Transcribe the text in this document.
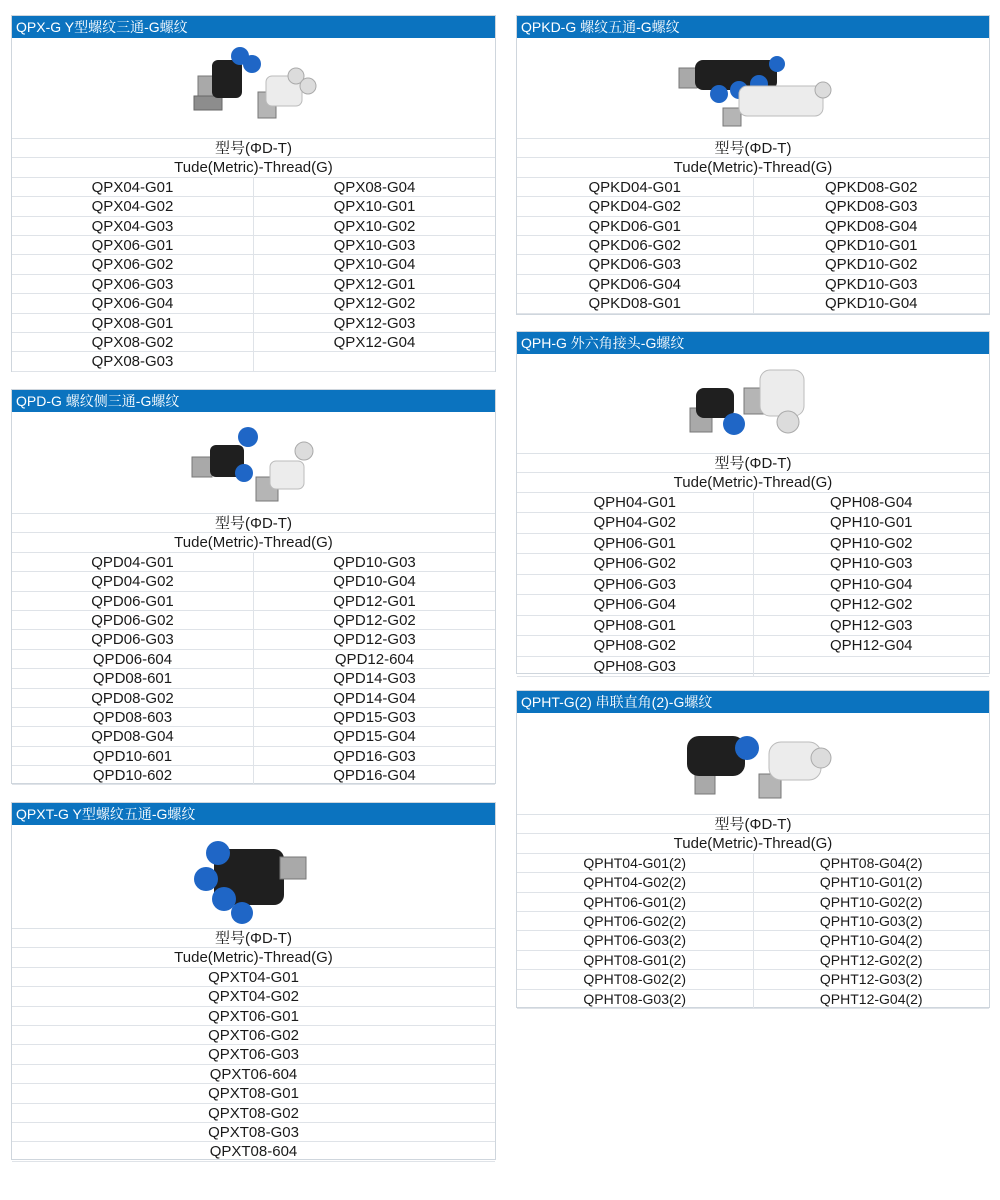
QPX-G Y型螺纹三通-G螺纹
型号(ΦD-T)
Tude(Metric)-Thread(G)
QPX04-G01	QPX08-G04
QPX04-G02	QPX10-G01
QPX04-G03	QPX10-G02
QPX06-G01	QPX10-G03
QPX06-G02	QPX10-G04
QPX06-G03	QPX12-G01
QPX06-G04	QPX12-G02
QPX08-G01	QPX12-G03
QPX08-G02	QPX12-G04
QPX08-G03
QPD-G 螺纹侧三通-G螺纹
型号(ΦD-T)
Tude(Metric)-Thread(G)
QPD04-G01	QPD10-G03
QPD04-G02	QPD10-G04
QPD06-G01	QPD12-G01
QPD06-G02	QPD12-G02
QPD06-G03	QPD12-G03
QPD06-604	QPD12-604
QPD08-601	QPD14-G03
QPD08-G02	QPD14-G04
QPD08-603	QPD15-G03
QPD08-G04	QPD15-G04
QPD10-601	QPD16-G03
QPD10-602	QPD16-G04
QPXT-G Y型螺纹五通-G螺纹
型号(ΦD-T)
Tude(Metric)-Thread(G)
QPXT04-G01
QPXT04-G02
QPXT06-G01
QPXT06-G02
QPXT06-G03
QPXT06-604
QPXT08-G01
QPXT08-G02
QPXT08-G03
QPXT08-604
QPKD-G 螺纹五通-G螺纹
型号(ΦD-T)
Tude(Metric)-Thread(G)
QPKD04-G01	QPKD08-G02
QPKD04-G02	QPKD08-G03
QPKD06-G01	QPKD08-G04
QPKD06-G02	QPKD10-G01
QPKD06-G03	QPKD10-G02
QPKD06-G04	QPKD10-G03
QPKD08-G01	QPKD10-G04
QPH-G 外六角接头-G螺纹
型号(ΦD-T)
Tude(Metric)-Thread(G)
QPH04-G01	QPH08-G04
QPH04-G02	QPH10-G01
QPH06-G01	QPH10-G02
QPH06-G02	QPH10-G03
QPH06-G03	QPH10-G04
QPH06-G04	QPH12-G02
QPH08-G01	QPH12-G03
QPH08-G02	QPH12-G04
QPH08-G03
QPHT-G(2) 串联直角(2)-G螺纹
型号(ΦD-T)
Tude(Metric)-Thread(G)
QPHT04-G01(2)	QPHT08-G04(2)
QPHT04-G02(2)	QPHT10-G01(2)
QPHT06-G01(2)	QPHT10-G02(2)
QPHT06-G02(2)	QPHT10-G03(2)
QPHT06-G03(2)	QPHT10-G04(2)
QPHT08-G01(2)	QPHT12-G02(2)
QPHT08-G02(2)	QPHT12-G03(2)
QPHT08-G03(2)	QPHT12-G04(2)
